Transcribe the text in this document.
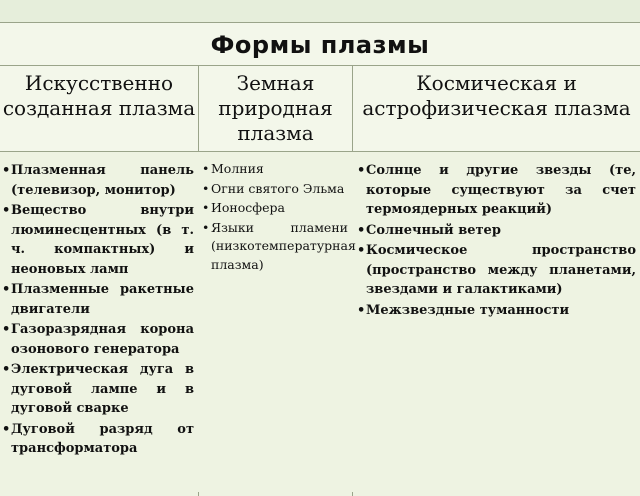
Формы плазмы
Искусственно созданная плазма
Земная природная плазма
Космическая и астрофизическая плазма
• Плазменная панель (телевизор, монитор)
• Вещество внутри люминесцентных (в т. ч. компактных) и неоновых ламп
• Плазменные ракетные двигатели
• Газоразрядная корона озонового генератора
• Электрическая дуга в дуговой лампе и в дуговой сварке
• Дуговой разряд от трансформатора
• Молния
• Огни святого Эльма
• Ионосфера
• Языки пламени (низкотемпературная плазма)
• Солнце и другие звезды (те, которые существуют за счет термоядерных реакций)
• Солнечный ветер
• Космическое пространство (пространство между планетами, звездами и галактиками)
• Межзвездные туманности
